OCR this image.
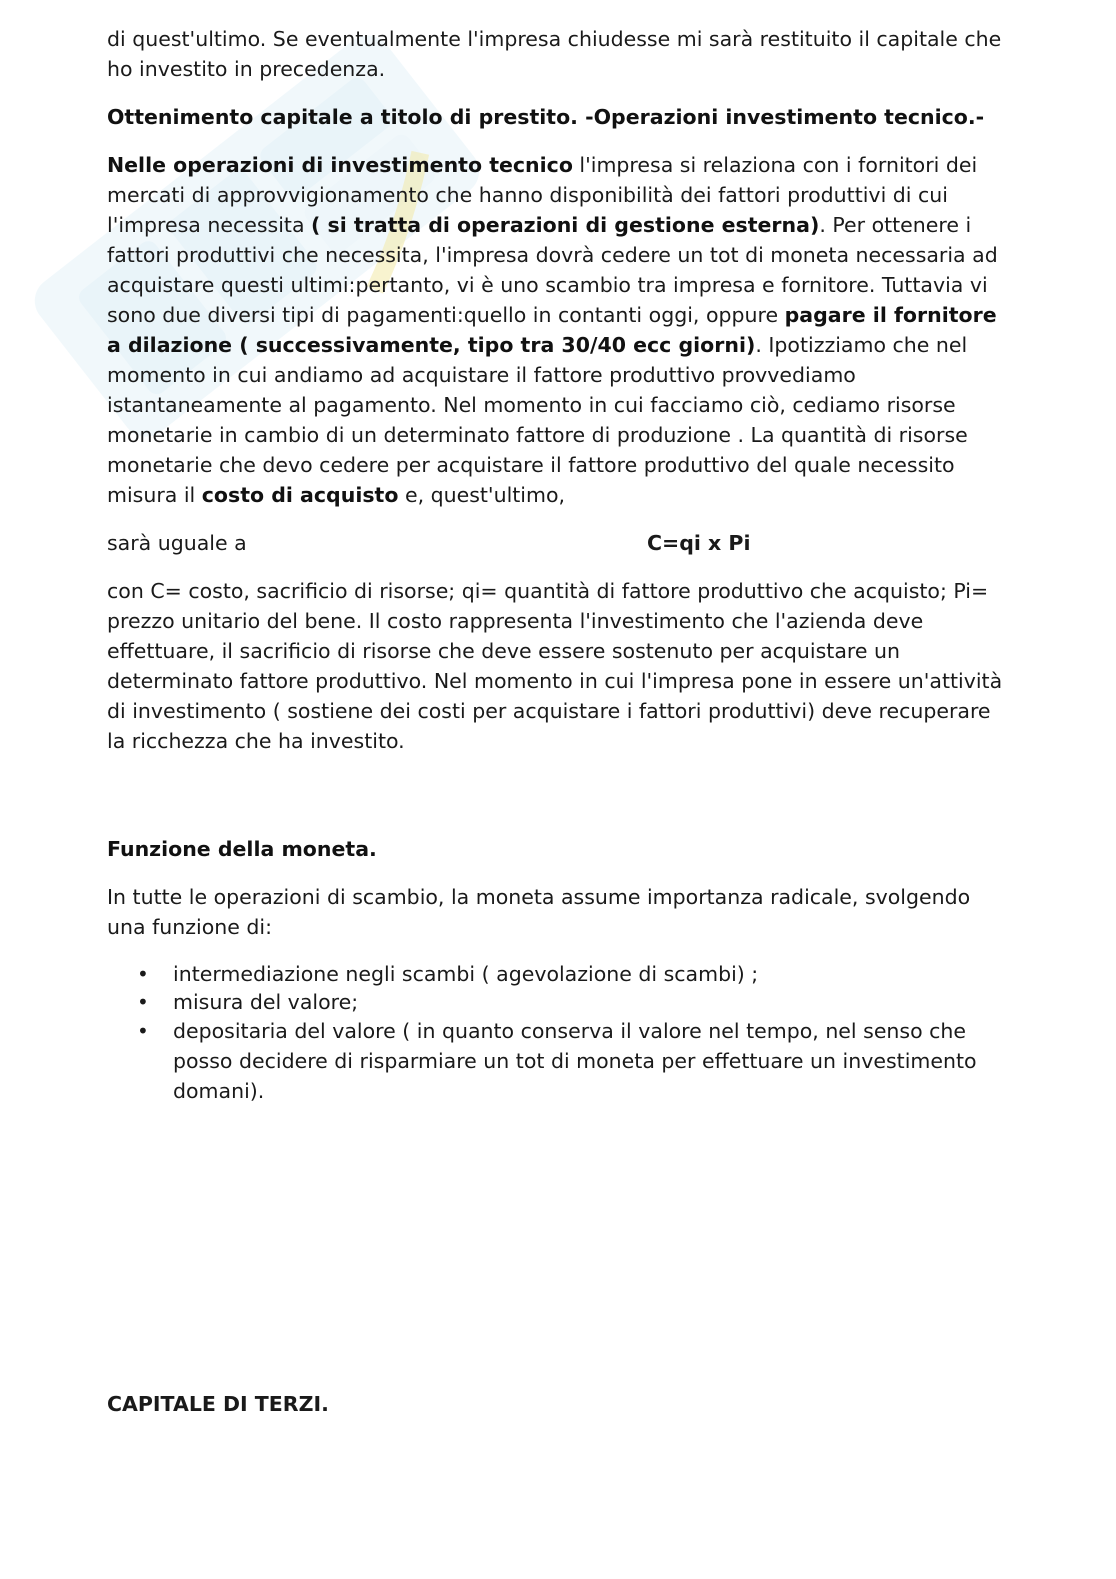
di quest'ultimo. Se eventualmente l'impresa chiudesse mi sarà restituito il capitale che ho investito in precedenza.

Ottenimento capitale a titolo di prestito. -Operazioni investimento tecnico.-

Nelle operazioni di investimento tecnico l'impresa si relaziona con i fornitori dei mercati di approvvigionamento che hanno disponibilità dei fattori produttivi di cui l'impresa necessita ( si tratta di operazioni di gestione esterna). Per ottenere i fattori produttivi che necessita, l'impresa dovrà cedere un tot di moneta necessaria ad acquistare questi ultimi:pertanto, vi è uno scambio tra impresa e fornitore. Tuttavia vi sono due diversi tipi di pagamenti:quello in contanti oggi, oppure pagare il fornitore a dilazione ( successivamente, tipo tra 30/40 ecc giorni). Ipotizziamo che nel momento in cui andiamo ad acquistare il fattore produttivo provvediamo istantaneamente al pagamento. Nel momento in cui facciamo ciò, cediamo risorse monetarie in cambio di un determinato fattore di produzione . La quantità di risorse monetarie che devo cedere per acquistare il fattore produttivo del quale necessito misura il costo di acquisto e, quest'ultimo,

sarà uguale a	C=qi x Pi

con C= costo, sacrificio di risorse; qi= quantità di fattore produttivo che acquisto; Pi= prezzo unitario del bene. Il costo rappresenta l'investimento che l'azienda deve effettuare, il sacrificio di risorse che deve essere sostenuto per acquistare un determinato fattore produttivo. Nel momento in cui l'impresa pone in essere un'attività di investimento ( sostiene dei costi per acquistare i fattori produttivi) deve recuperare la ricchezza che ha investito.

Funzione della moneta.

In tutte le operazioni di scambio, la moneta assume importanza radicale, svolgendo una funzione di:

• intermediazione negli scambi ( agevolazione di scambi) ;
• misura del valore;
• depositaria del valore ( in quanto conserva il valore nel tempo, nel senso che posso decidere di risparmiare un tot di moneta per effettuare un investimento domani).
CAPITALE DI TERZI.
